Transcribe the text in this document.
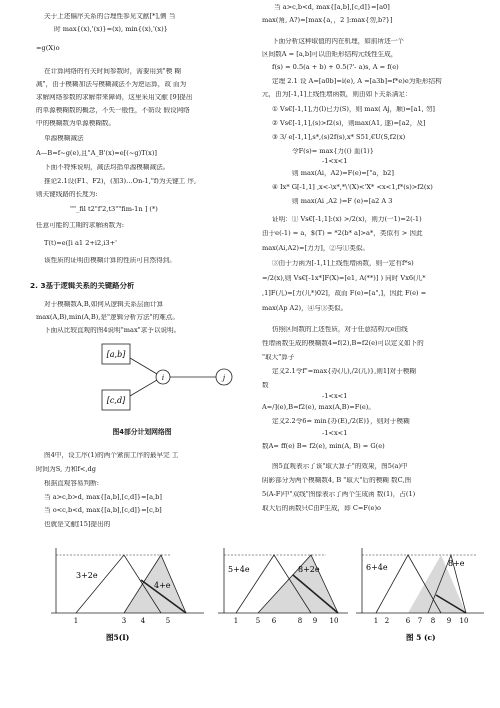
关于上述偏序关系的合理性参见文献[*],侧 当
时 max{(x),'(x)}=(x), min{(x),'(x)}
=g(X)o
在计算网络的有关时间参数时，需要用到"模 糊
减"，由于模糊加法与模糊减法不为逆运算，故 而为
求解网络参数的求解带来障碍，这里采用文献 [9]提出
的单源模糊数的概念，不失一般性，不妨设 假设网络
中的模糊数为单源模糊数。
单源模糊减法
A—B=f~g(e),且"A_B'(x)=e[(~g)T(x)]
下面不特殊说明，减法均指单源模糊减法。
推论2.1设(F1、F2)，(加3)…On-1,"f)为关键工 序,
则关键线路的长度为:
""_fil t2"f'2,t3""fim-1n ] (*)
任意可能的工期的求解函数为:
T(t)=e([i a1 2+i2,i3+'
该性质的证明由模糊计算的性质可自然得到。
2. 3基于逻辑关系的关键路分析
对于模糊数A,B,如何从逻辑关系层面计算
max(A,B),min(A,B),是"逻辑分析方法"的难点。
下面从比较直观的图4说明"max"求予以说明。
[a,b]
[c,d]
i	j
图4部分计划网络图
图4中，设工序(1)的两个紧前工序的最早完 工
时间为S, 力和f<,dg
根据直观容易判断:
当 a>c,b>d, max{[a,b],[c,d]}=[a,b]
当 o<c,b<d, max{[a,b],[c,d]}=[c,b]
也就是文献[15]提出的
当 a>c,b<d, max{[a,b],[c,d]}=[a0]
max(角, A?)=[max{a，，2 ]:max{勿,b?}]
下面分析这种取值的内在机理，如前所述一个
区间数A = [a,b]可以由矩形结构元线性生成，
f(s) = 0.5(a + b) + 0.5(?'- a)s, A = f(e)
定理 2.1 设 A=[a0b]=i(e), A =[a3b]=f*e)e为矩形结构
元，由为[-1,1]上线性增函数，则由如下关系满足：
① Vs€[-1,1],力(l)已力(S)，则 max( Aj，顺)=[a1, 勿]
② Vs€[-1,1],(s)>f2(s)，则max(A1, 遂)=[a2，及]
③ 3/ e[-1,1],s*,(s)2f(s),x* S51,€U(S,f2(x)
令F(s)= max{力(() 血(1)}
-1<x<1
则 max(Ai，A2)=F(e)=["a，b2]
④ Ix* G[-1,1] ,x<-\x*,*\'(X)<'X* <x<1,f*(s)>f2(x)
则 max(Ai ,A2 )=F (e)=[a2 A 3
证明：① Vs€[-1,1]:(x) >/2(x)，则力(一1)=2(-1)
由于e(-1) = a，$(T) = *2(b* a]>a*，类似有 > 因此
max(Ai,A2)=[力力]，②与①类似。
③由于力函为[-1,1]上线性增函数，则一定有f*s)
=/2(x),则 Vs€[-1x*]F(X)=[e1, A(**)] ) 同时 Vx6(兀*
,1]F(兀)=[力(兀*)02]，故而 F(e)=[a",]，因此 F(e) =
max(Ap A2)，④与③类似。
仿照区间数的上述性质，对于任意结构元e由线
性增函数生成的模糊数4=f(2),B=f2(e)可以定义如下的
"取大"算子
定义2.1令f"=max{办(兀),/2(兀)},则1]对于模糊
数
-1<x<1
A=/](e),B=f2(e), max(A,B)=F(e)。
定义2.2令6= min{办(E),/2(E)}，则对于模糊
-1<x<1
数A= ff(e) B= f2(e), min(A, B) = G(e)
图5直观表示了该"取大算子"的效果，图5(a)中
阴影部分为两个模糊数4, B "取大"后的模糊 数C,图
5(A-F)中"双线"图像表示了两个生成函 数(1)，占(1)
取大后的函数只C由F生成，即 C=F(e)o
3+2e
4+e
1	3 4	5
图5(I)
5+4e	8+2e
1	5 6	8 9 10
6+4e	8+e
1 2 6 7 8 9 10
图 5 (c)
